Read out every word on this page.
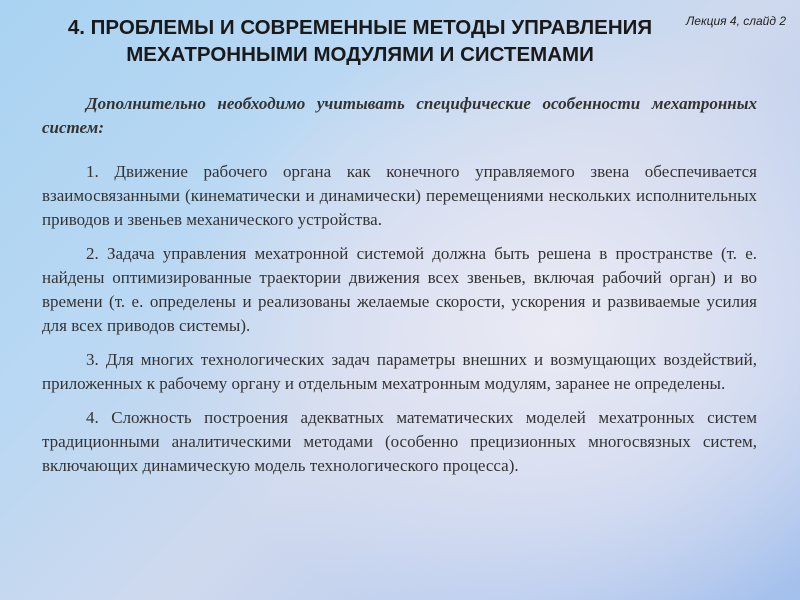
Лекция 4, слайд 2
4. ПРОБЛЕМЫ И СОВРЕМЕННЫЕ МЕТОДЫ УПРАВЛЕНИЯ
МЕХАТРОННЫМИ МОДУЛЯМИ И СИСТЕМАМИ

Дополнительно необходимо учитывать специфические особенности мехатронных систем:

1. Движение рабочего органа как конечного управляемого звена обеспечивается взаимосвязанными (кинематически и динамически) перемещениями нескольких исполнительных приводов и звеньев механического устройства.

2. Задача управления мехатронной системой должна быть решена в пространстве (т. е. найдены оптимизированные траектории движения всех звеньев, включая рабочий орган) и во времени (т. е. определены и реализованы желаемые скорости, ускорения и развиваемые усилия для всех приводов системы).

3. Для многих технологических задач параметры внешних и возмущающих воздействий, приложенных к рабочему органу и отдельным мехатронным модулям, заранее не определены.

4. Сложность построения адекватных математических моделей мехатронных систем традиционными аналитическими методами (особенно прецизионных многосвязных систем, включающих динамическую модель технологического процесса).
